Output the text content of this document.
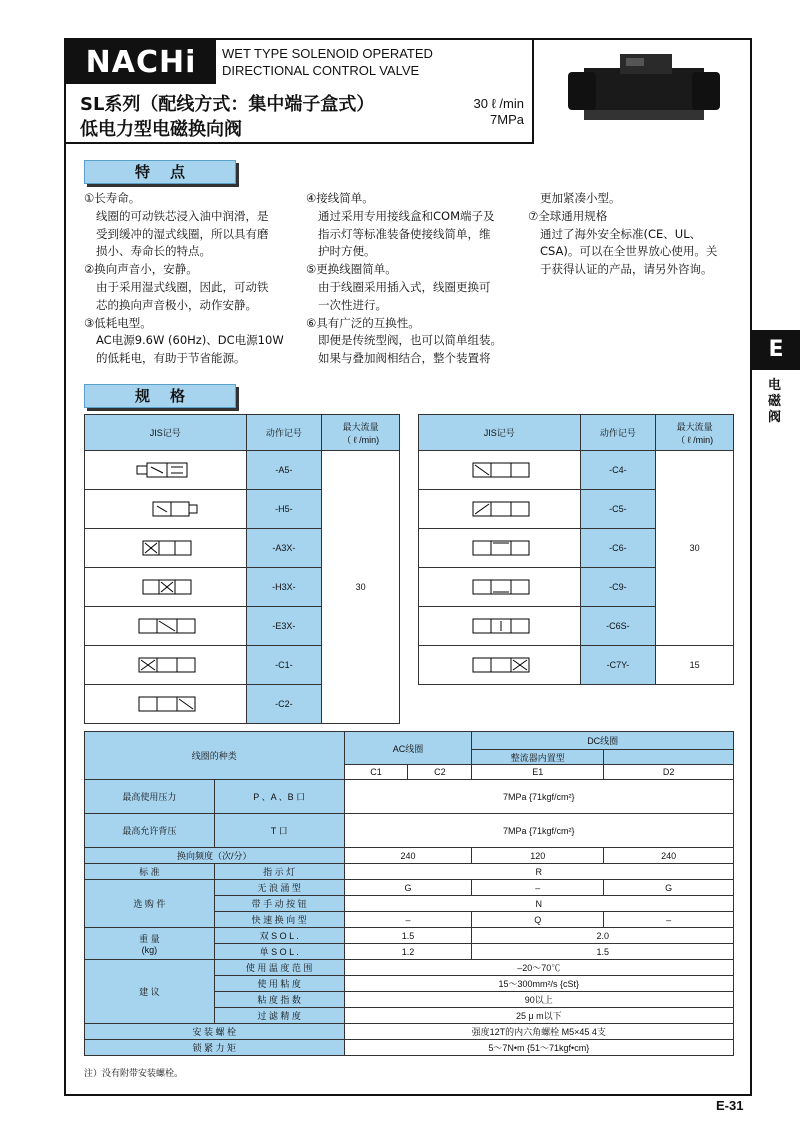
NACHi	WET TYPE SOLENOID OPERATED
DIRECTIONAL CONTROL VALVE
SL系列（配线方式：集中端子盒式）
低电力型电磁换向阀
30 ℓ /min
7MPa
特点

①长寿命。

线圈的可动铁芯浸入油中润滑，是

受到缓冲的湿式线圈，所以具有磨

损小、寿命长的特点。

②换向声音小，安静。

由于采用湿式线圈，因此，可动铁

芯的换向声音极小，动作安静。

③低耗电型。

AC电源9.6W (60Hz)、DC电源10W

的低耗电，有助于节省能源。

④接线简单。

通过采用专用接线盒和COM端子及

指示灯等标准装备使接线简单，维

护时方便。

⑤更换线圈简单。

由于线圈采用插入式，线圈更换可

一次性进行。

⑥具有广泛的互换性。

即便是传统型阀，也可以简单组装。

如果与叠加阀相结合，整个装置将

更加紧凑小型。

⑦全球通用规格

通过了海外安全标准(CE、UL、

CSA)。可以在全世界放心使用。关

于获得认证的产品，请另外咨询。

规格
JIS记号	动作记号	最大流量
（ ℓ /min)

	-A5-	30

	-H5-	

	-A3X-	

	-H3X-	

	-E3X-	

	-C1-	

	-C2-	
JIS记号	动作记号	最大流量
（ ℓ /min)

	-C4-	30

	-C5-	

	-C6-	

	-C9-	

	-C6S-	

	-C7Y-	15
线圈的种类		AC线圈		DC线圈	
				整流器内置型	
		C1	C2	E1	D2
最高使用压力	P 、A 、B 口	7MPa {71kgf/cm²}			
最高允许背压	T 口	7MPa {71kgf/cm²}			
换向频度（次/分）		240		120	240
标 准	指 示 灯	R			
选 购 件	无 浪 涌 型	G		–	G
	带 手 动 按 钮	N			
	快 速 换 向 型	–		Q	–

重 量
(kg)	双 S O L .	1.5		2.0	
	单 S O L .	1.2		1.5	
建 议	使 用 温 度 范 围	–20～70℃			
	使 用 粘 度	15～300mm²/s {cSt}			
	粘 度 指 数	90以上			
	过 滤 精 度	25 μ m以下			
安 装 螺 栓		强度12T的内六角螺栓 M5×45 4支			
锁 紧 力 矩		5～7N•m {51～71kgf•cm}			
注）没有附带安装螺栓。
E
电磁阀
E-31
